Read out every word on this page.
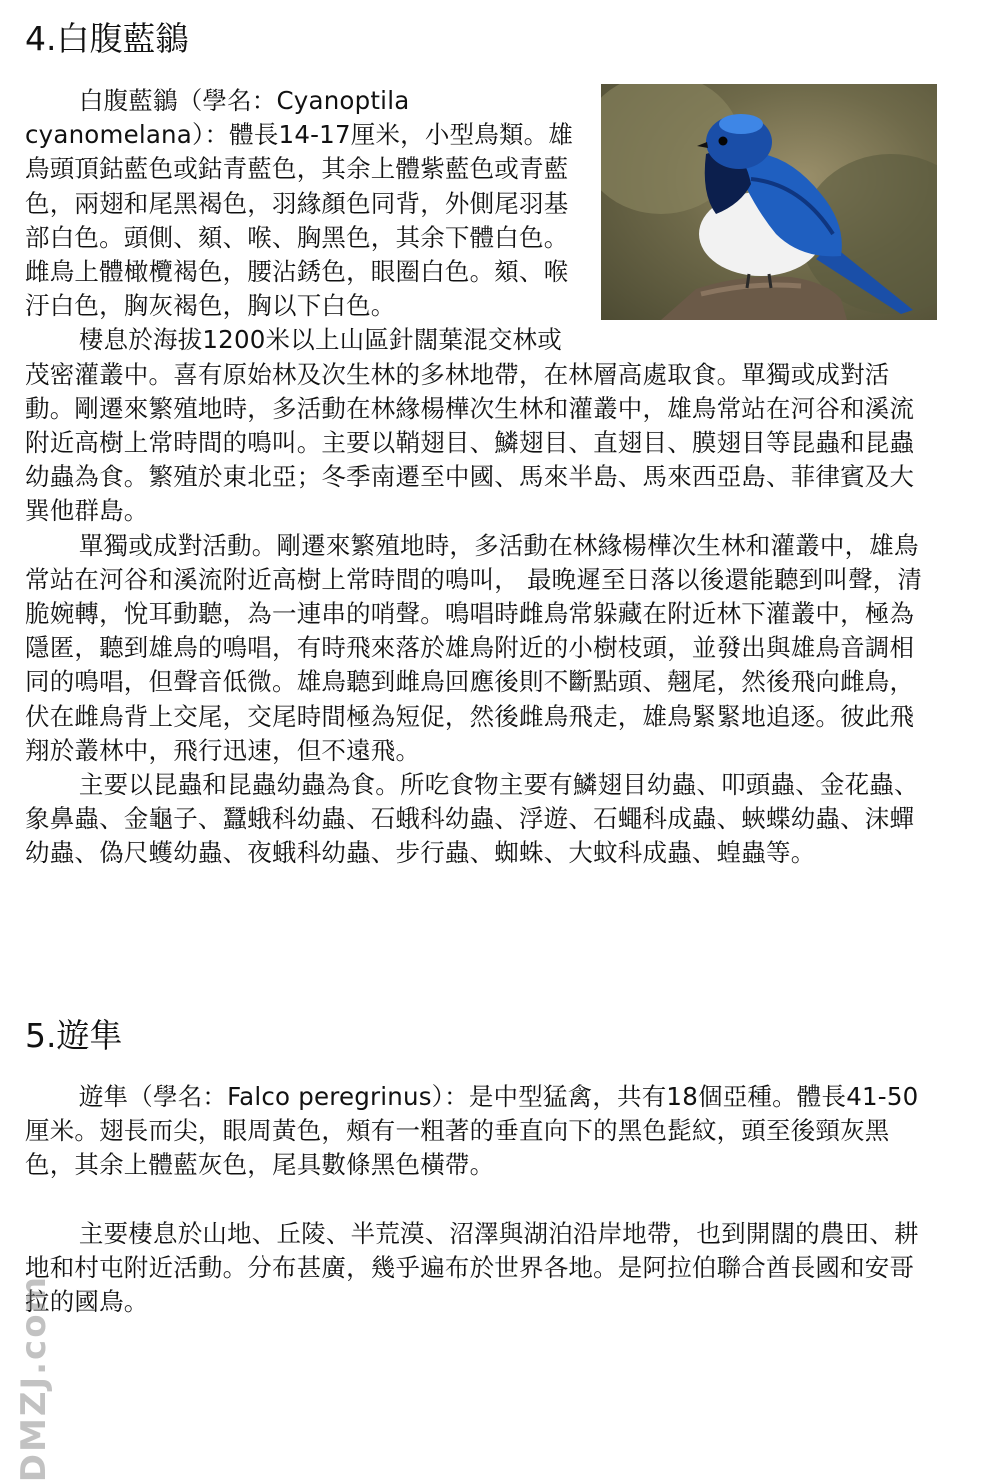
4.白腹藍鶲

白腹藍鶲（學名：Cyanoptila cyanomelana）：體長14-17厘米，小型鳥類。雄鳥頭頂鈷藍色或鈷青藍色，其余上體紫藍色或青藍色，兩翅和尾黑褐色，羽緣顏色同背，外側尾羽基部白色。頭側、頦、喉、胸黑色，其余下體白色。雌鳥上體橄欖褐色，腰沾銹色，眼圈白色。頦、喉汙白色，胸灰褐色，胸以下白色。

棲息於海拔1200米以上山區針闊葉混交林或茂密灌叢中。喜有原始林及次生林的多林地帶，在林層高處取食。單獨或成對活動。剛遷來繁殖地時，多活動在林緣楊樺次生林和灌叢中，雄鳥常站在河谷和溪流附近高樹上常時間的鳴叫。主要以鞘翅目、鱗翅目、直翅目、膜翅目等昆蟲和昆蟲幼蟲為食。繁殖於東北亞；冬季南遷至中國、馬來半島、馬來西亞島、菲律賓及大巽他群島。

單獨或成對活動。剛遷來繁殖地時，多活動在林緣楊樺次生林和灌叢中，雄鳥常站在河谷和溪流附近高樹上常時間的鳴叫， 最晚遲至日落以後還能聽到叫聲，清脆婉轉，悅耳動聽，為一連串的哨聲。鳴唱時雌鳥常躲藏在附近林下灌叢中，極為隱匿，聽到雄鳥的鳴唱，有時飛來落於雄鳥附近的小樹枝頭，並發出與雄鳥音調相同的鳴唱，但聲音低微。雄鳥聽到雌鳥回應後則不斷點頭、翹尾，然後飛向雌鳥，伏在雌鳥背上交尾，交尾時間極為短促，然後雌鳥飛走，雄鳥緊緊地追逐。彼此飛翔於叢林中，飛行迅速，但不遠飛。

主要以昆蟲和昆蟲幼蟲為食。所吃食物主要有鱗翅目幼蟲、叩頭蟲、金花蟲、象鼻蟲、金龜子、蠶蛾科幼蟲、石蛾科幼蟲、浮遊、石蠅科成蟲、蛺蝶幼蟲、沫蟬幼蟲、偽尺蠖幼蟲、夜蛾科幼蟲、步行蟲、蜘蛛、大蚊科成蟲、蝗蟲等。

5.遊隼

遊隼（學名：Falco peregrinus）：是中型猛禽，共有18個亞種。體長41-50厘米。翅長而尖，眼周黃色，頰有一粗著的垂直向下的黑色髭紋，頭至後頸灰黑色，其余上體藍灰色，尾具數條黑色橫帶。

主要棲息於山地、丘陵、半荒漠、沼澤與湖泊沿岸地帶，也到開闊的農田、耕地和村屯附近活動。分布甚廣，幾乎遍布於世界各地。是阿拉伯聯合酋長國和安哥拉的國鳥。

DMZJ.com
